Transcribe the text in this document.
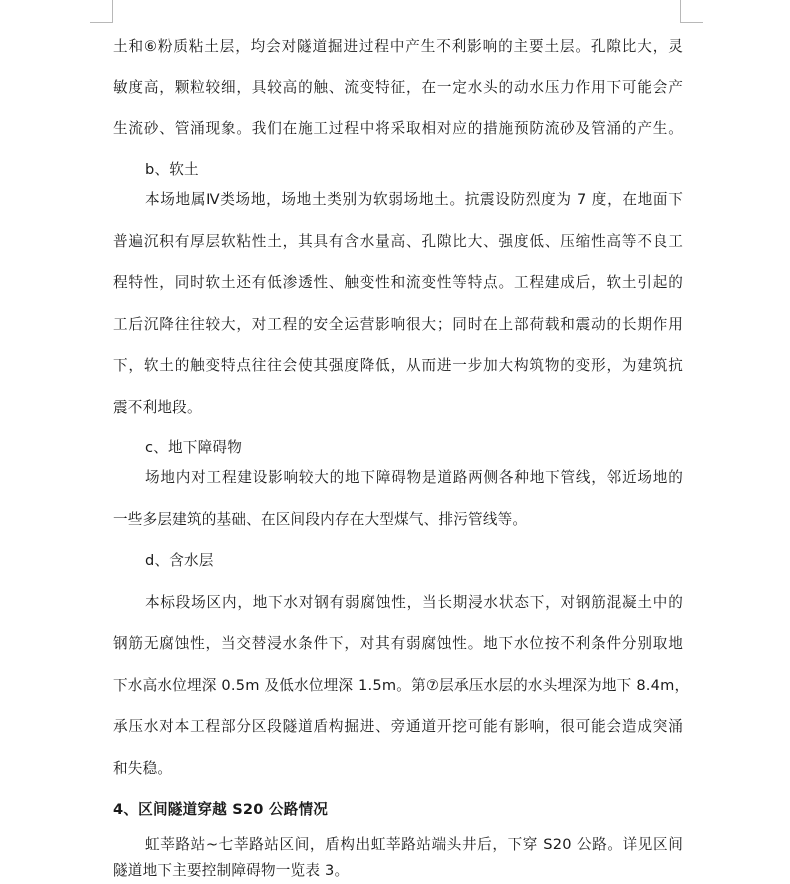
土和⑥粉质粘土层，均会对隧道掘进过程中产生不利影响的主要土层。孔隙比大，灵
敏度高，颗粒较细，具较高的触、流变特征，在一定水头的动水压力作用下可能会产
生流砂、管涌现象。我们在施工过程中将采取相对应的措施预防流砂及管涌的产生。
b、软土
本场地属Ⅳ类场地，场地土类别为软弱场地土。抗震设防烈度为 7 度，在地面下
普遍沉积有厚层软粘性土，其具有含水量高、孔隙比大、强度低、压缩性高等不良工
程特性，同时软土还有低渗透性、触变性和流变性等特点。工程建成后，软土引起的
工后沉降往往较大，对工程的安全运营影响很大；同时在上部荷载和震动的长期作用
下，软土的触变特点往往会使其强度降低，从而进一步加大构筑物的变形，为建筑抗
震不利地段。
c、地下障碍物
场地内对工程建设影响较大的地下障碍物是道路两侧各种地下管线，邻近场地的
一些多层建筑的基础、在区间段内存在大型煤气、排污管线等。
d、含水层
本标段场区内，地下水对钢有弱腐蚀性，当长期浸水状态下，对钢筋混凝土中的
钢筋无腐蚀性，当交替浸水条件下，对其有弱腐蚀性。地下水位按不利条件分别取地
下水高水位埋深 0.5m 及低水位埋深 1.5m。第⑦层承压水层的水头埋深为地下 8.4m，
承压水对本工程部分区段隧道盾构掘进、旁通道开挖可能有影响，很可能会造成突涌
和失稳。
4、区间隧道穿越 S20 公路情况
虹莘路站~七莘路站区间，盾构出虹莘路站端头井后，下穿 S20 公路。详见区间
隧道地下主要控制障碍物一览表 3。
